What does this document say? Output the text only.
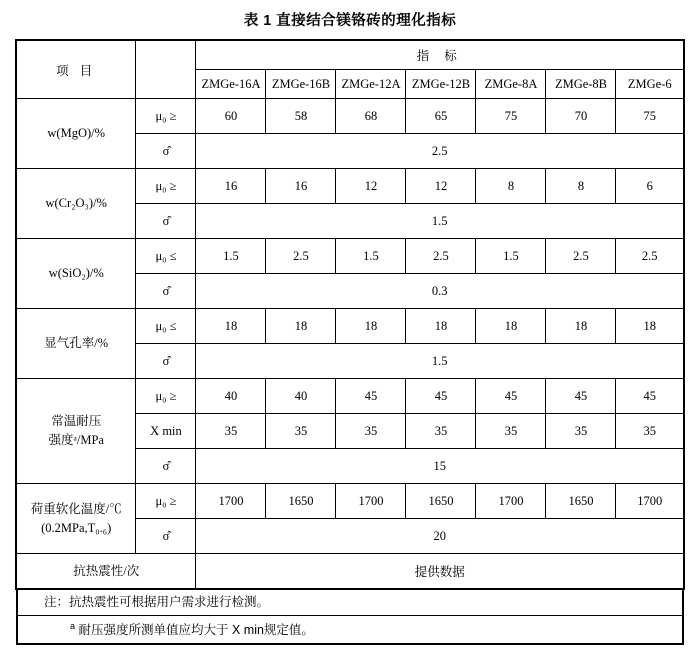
表 1 直接结合镁铬砖的理化指标
项 目		指 标						
		ZMGe-16A	ZMGe-16B	ZMGe-12A	ZMGe-12B	ZMGe-8A	ZMGe-8B	ZMGe-6
w(MgO)/%	μ₀ ≥	60	58	68	65	75	70	75
	σ̂	2.5						
w(Cr₂O₃)/%	μ₀ ≥	16	16	12	12	8	8	6
	σ̂	1.5						
w(SiO₂)/%	μ₀ ≤	1.5	2.5	1.5	2.5	1.5	2.5	2.5
	σ̂	0.3						
显气孔率/%	μ₀ ≤	18	18	18	18	18	18	18
	σ̂	1.5						

常温耐压
强度ᵃ/MPa	μ₀ ≥	40	40	45	45	45	45	45
	X min	35	35	35	35	35	35	35
	σ̂	15						

荷重软化温度/℃
(0.2MPa,T₀.₆)	μ₀ ≥	1700	1650	1700	1650	1700	1650	1700
	σ̂	20						
抗热震性/次		提供数据						
注：抗热震性可根据用户需求进行检测。
$^a$ 耐压强度所测单值应均大于 X min规定值。
